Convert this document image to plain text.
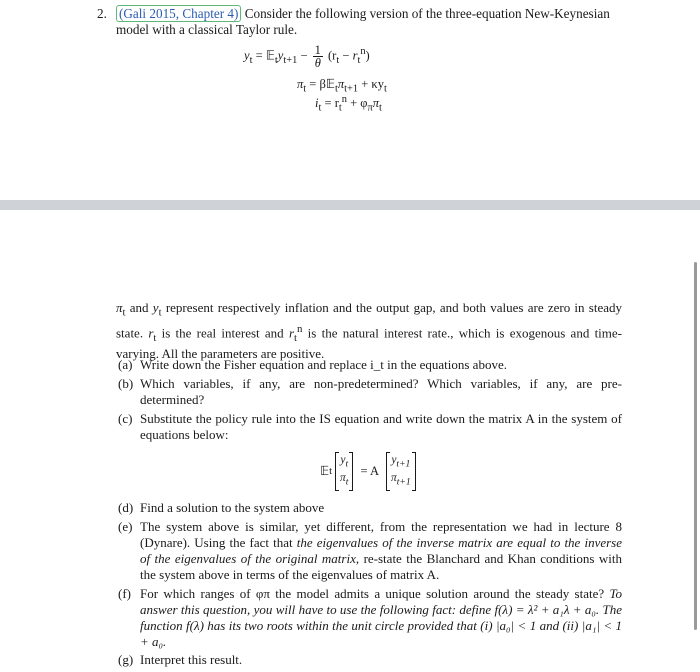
2. (Gali 2015, Chapter 4) Consider the following version of the three-equation New-Keynesian model with a classical Taylor rule.
$y_t$ = $𝔼_ty_{t+1} - \frac{1}{\theta} (r_t - r_t^n)$
$\pi_t$ = $\beta 𝔼_t\pi_{t+1} + \kappa y_t$
$i_t = r_t^n + \varphi_\pi\pi_t$
$\pi_t$ and $y_t$ represent respectively inflation and the output gap, and both values are zero in steady state. $r_t$ is the real interest and $r_t^n$ is the natural interest rate., which is exogenous and time-varying. All the parameters are positive.
(a) Write down the Fisher equation and replace i_t in the equations above.
(b) Which variables, if any, are non-predetermined? Which variables, if any, are pre-determined?
(c) Substitute the policy rule into the IS equation and write down the matrix A in the system of equations below:
𝔼 t
$y_t$
$\pi_t$
= A
$y_{t+1}$
$\pi_{t+1}$
(d) Find a solution to the system above
(e) The system above is similar, yet different, from the representation we had in lecture 8 (Dynare). Using the fact that the eigenvalues of the inverse matrix are equal to the inverse of the eigenvalues of the original matrix, re-state the Blanchard and Khan conditions with the system above in terms of the eigenvalues of matrix A.
(f) For which ranges of φπ the model admits a unique solution around the steady state? To answer this question, you will have to use the following fact: define f(λ) = λ² + a₁λ + a₀. The function f(λ) has its two roots within the unit circle provided that (i) |a₀| < 1 and (ii) |a₁| < 1 + a₀.
(g) Interpret this result.
